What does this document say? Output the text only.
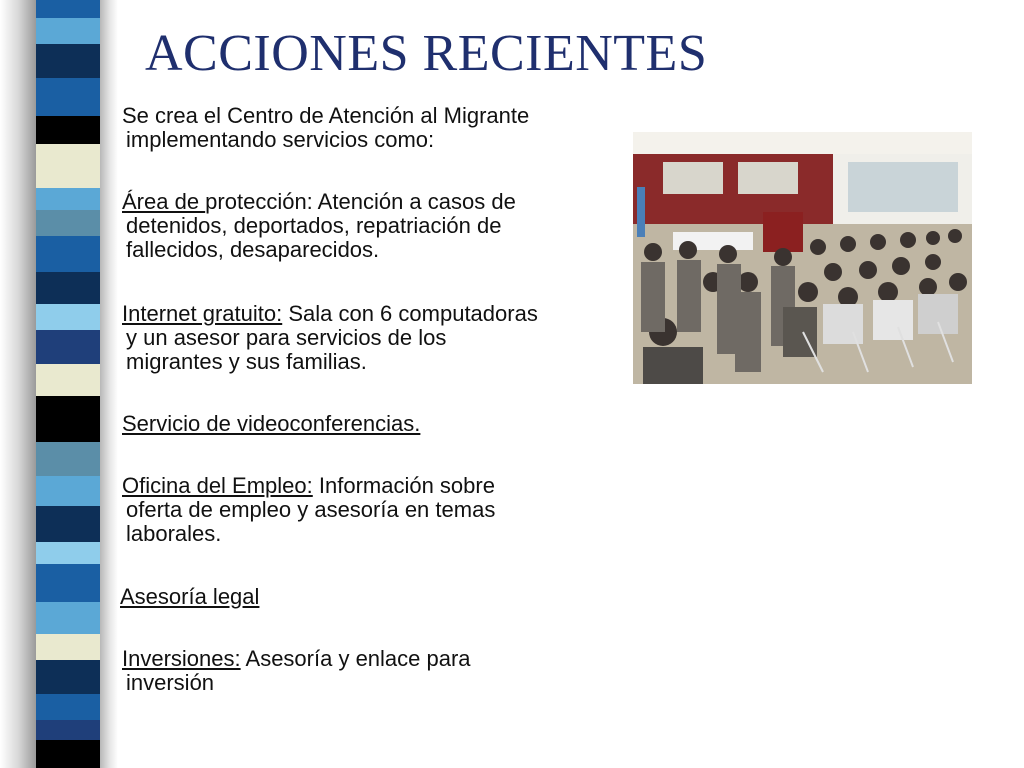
ACCIONES RECIENTES
Se crea el Centro de Atención al Migrante
implementando servicios como:
Área de protección: Atención a casos de
detenidos, deportados, repatriación de
fallecidos, desaparecidos.
Internet gratuito: Sala con 6 computadoras
y un asesor para servicios de los
migrantes y sus familias.
Servicio de videoconferencias.
Oficina del Empleo: Información sobre
oferta de empleo y asesoría en temas
laborales.
Asesoría legal
Inversiones: Asesoría y enlace para
inversión
